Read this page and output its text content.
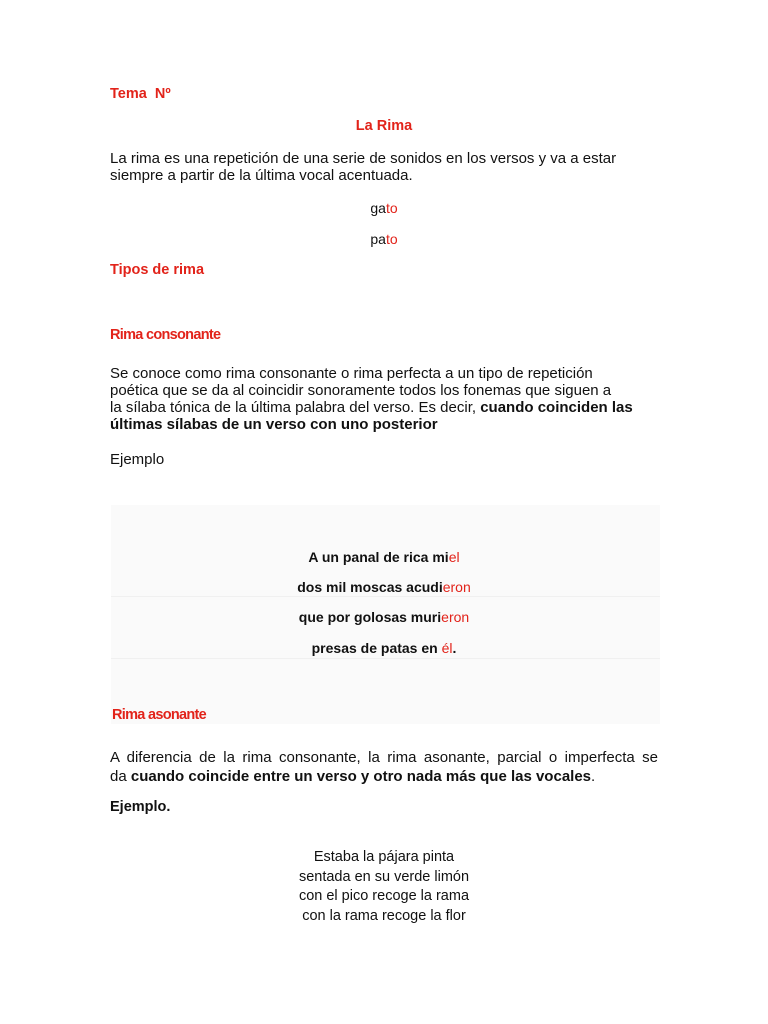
Tema  Nº
La Rima
La rima es una repetición de una serie de sonidos en los versos y va a estar
siempre a partir de la última vocal acentuada.
gato
pato
Tipos de rima
Rima consonante
Se conoce como rima consonante o rima perfecta a un tipo de repetición
poética que se da al coincidir sonoramente todos los fonemas que siguen a
la sílaba tónica de la última palabra del verso. Es decir, cuando coinciden las
últimas sílabas de un verso con uno posterior
Ejemplo
A un panal de rica miel
dos mil moscas acudieron
que por golosas murieron
presas de patas en él.
Rima asonante
A diferencia de la rima consonante, la rima asonante, parcial o imperfecta se
da cuando coincide entre un verso y otro nada más que las vocales.
Ejemplo.
Estaba la pájara pinta
sentada en su verde limón
con el pico recoge la rama
con la rama recoge la flor
